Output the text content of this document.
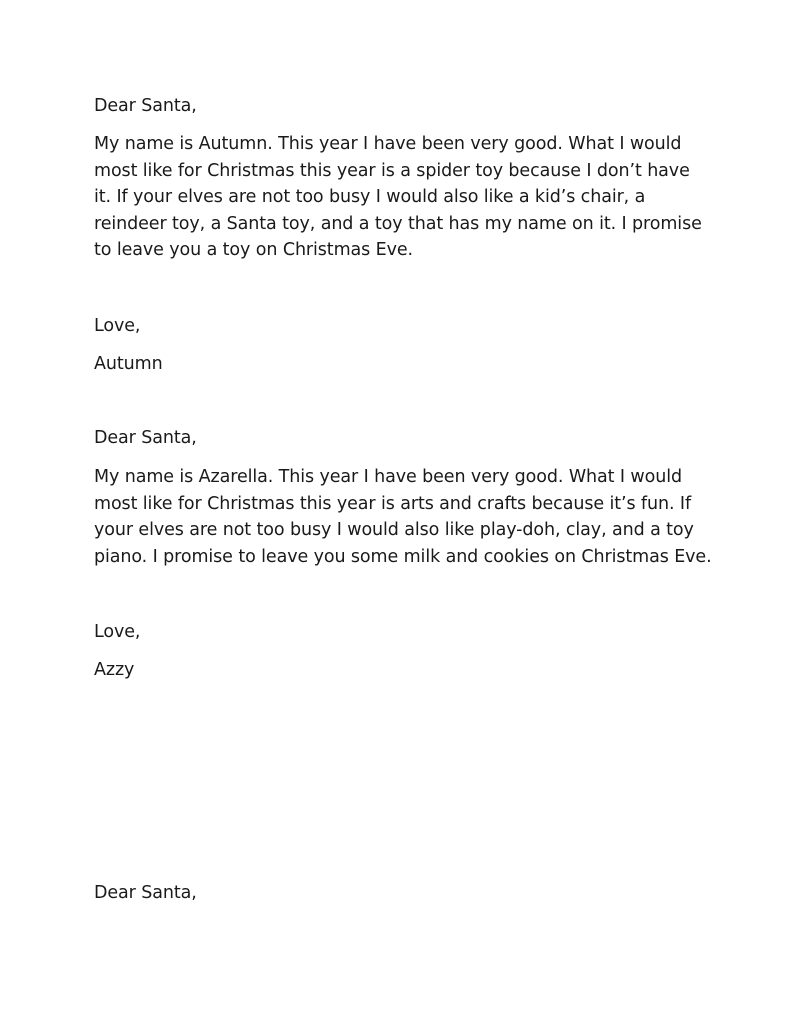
Dear Santa,

My name is Autumn. This year I have been very good. What I would
most like for Christmas this year is a spider toy because I don’t have
it. If your elves are not too busy I would also like a kid’s chair, a
reindeer toy, a Santa toy, and a toy that has my name on it. I promise
to leave you a toy on Christmas Eve.

Love,

Autumn

Dear Santa,

My name is Azarella. This year I have been very good. What I would
most like for Christmas this year is arts and crafts because it’s fun. If
your elves are not too busy I would also like play-doh, clay, and a toy
piano. I promise to leave you some milk and cookies on Christmas Eve.

Love,

Azzy

Dear Santa,
